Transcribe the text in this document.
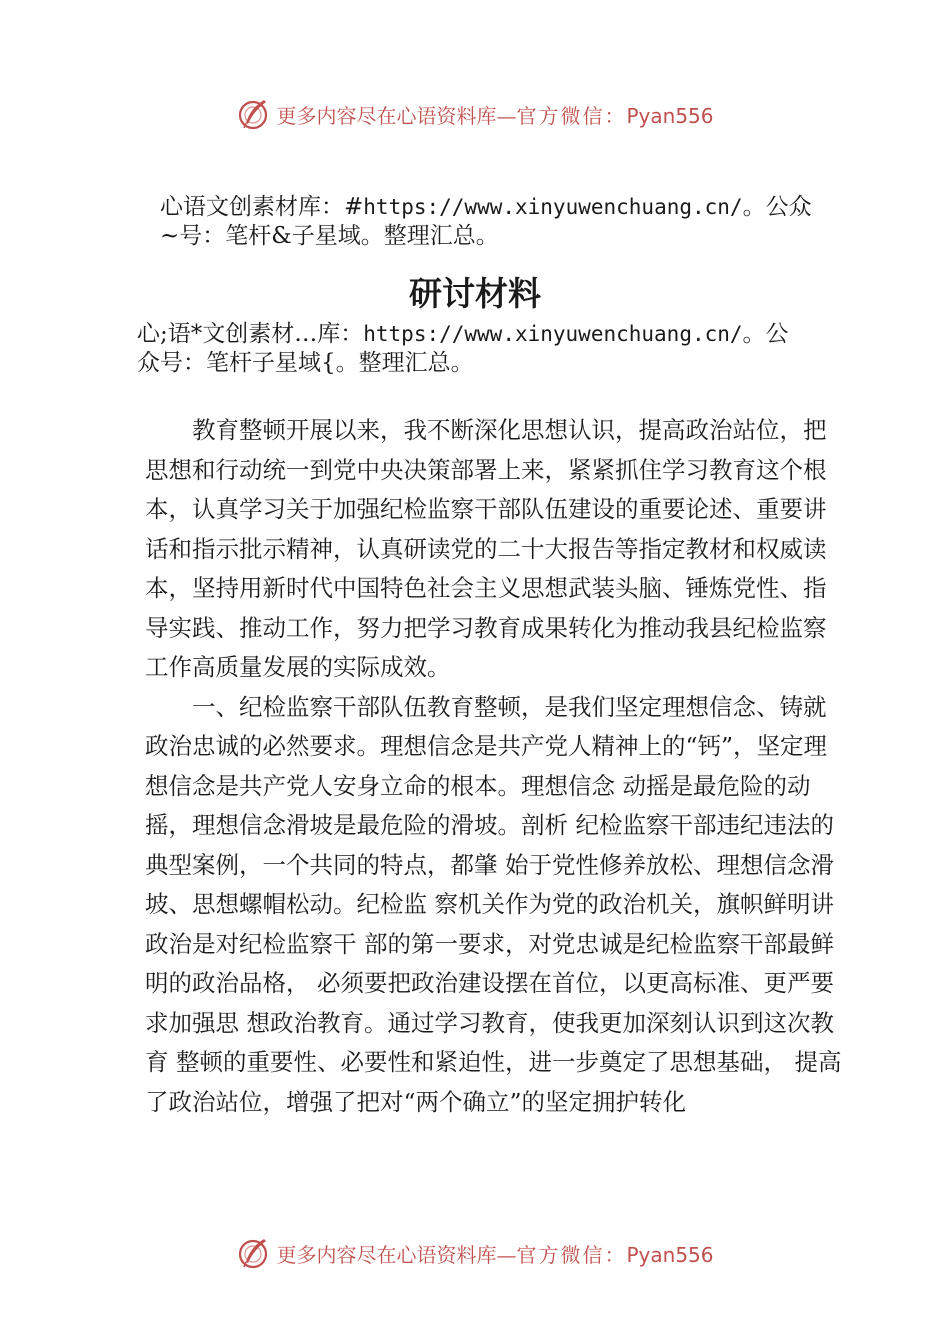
更多内容尽在心语资料库—官方微信：Pyan556
心语文创素材库：#https://www.xinyuwenchuang.cn/。公众
~号：笔杆&子星域。整理汇总。
研讨材料
心;语*文创素材…库：https://www.xinyuwenchuang.cn/。公
众号：笔杆子星域{。整理汇总。

教育整顿开展以来，我不断深化思想认识，提高政治站位，把思想和行动统一到党中央决策部署上来，紧紧抓住学习教育这个根本，认真学习关于加强纪检监察干部队伍建设的重要论述、重要讲话和指示批示精神，认真研读党的二十大报告等指定教材和权威读本，坚持用新时代中国特色社会主义思想武装头脑、锤炼党性、指导实践、推动工作，努力把学习教育成果转化为推动我县纪检监察工作高质量发展的实际成效。

一、纪检监察干部队伍教育整顿，是我们坚定理想信念、铸就政治忠诚的必然要求。理想信念是共产党人精神上的“钙”，坚定理想信念是共产党人安身立命的根本。理想信念 动摇是最危险的动摇，理想信念滑坡是最危险的滑坡。剖析 纪检监察干部违纪违法的典型案例，一个共同的特点，都肇 始于党性修养放松、理想信念滑坡、思想螺帽松动。纪检监 察机关作为党的政治机关，旗帜鲜明讲政治是对纪检监察干 部的第一要求，对党忠诚是纪检监察干部最鲜明的政治品格， 必须要把政治建设摆在首位，以更高标准、更严要求加强思 想政治教育。通过学习教育，使我更加深刻认识到这次教育 整顿的重要性、必要性和紧迫性，进一步奠定了思想基础， 提高了政治站位，增强了把对“两个确立”的坚定拥护转化

更多内容尽在心语资料库—官方微信：Pyan556
